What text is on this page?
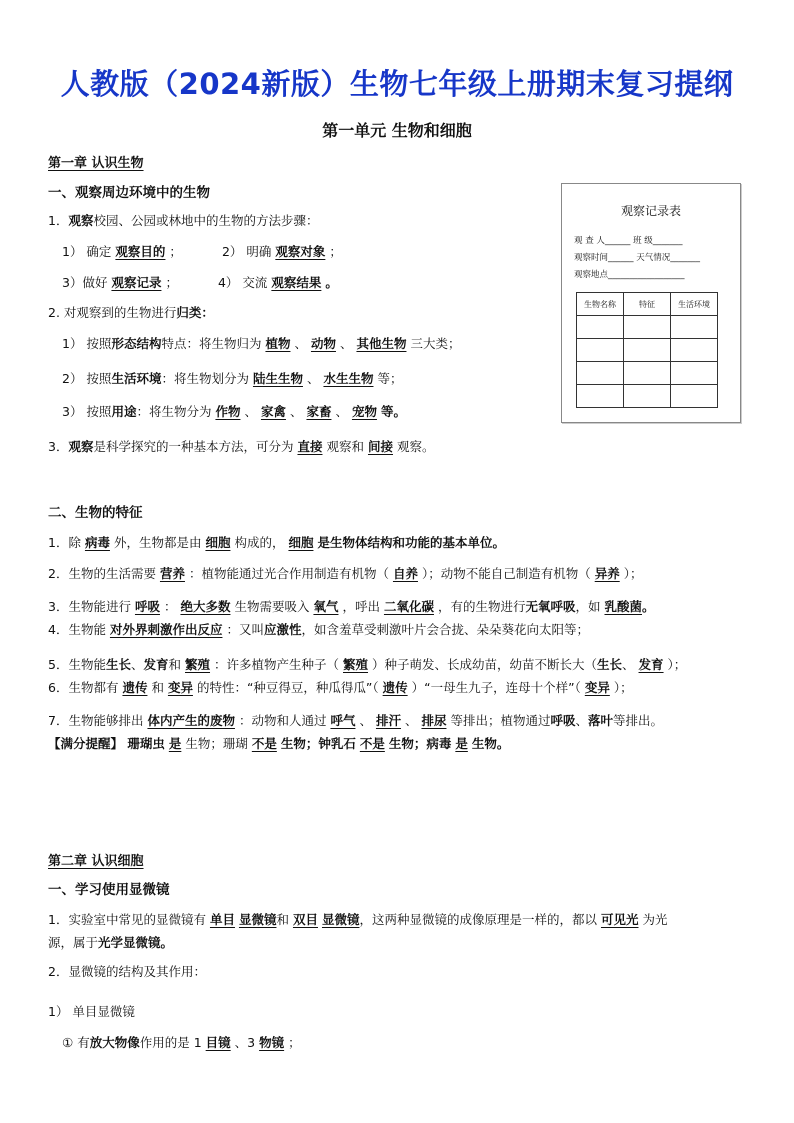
人教版（2024新版）生物七年级上册期末复习提纲
第一单元 生物和细胞
第一章 认识生物
一、观察周边环境中的生物
1．观察校园、公园或林地中的生物的方法步骤：
1） 确定 观察目的 ；	2） 明确 观察对象 ；
3）做好 观察记录 ；	4） 交流 观察结果 。
2. 对观察到的生物进行归类：
1） 按照形态结构特点：将生物归为 植物 、 动物 、 其他生物 三大类；
2） 按照生活环境：将生物划分为 陆生生物 、 水生生物 等；
3） 按照用途：将生物分为 作物 、 家禽 、 家畜 、 宠物 等。
3．观察是科学探究的一种基本方法，可分为 直接 观察和 间接 观察。
观察记录表
观 查 人______ 班 级_______
观察时间______ 天气情况_______
观察地点__________________
生物名称	特征	生活环境

二、生物的特征
1．除 病毒 外，生物都是由 细胞 构成的， 细胞 是生物体结构和功能的基本单位。
2．生物的生活需要 营养 ：植物能通过光合作用制造有机物（ 自养 ）；动物不能自己制造有机物（ 异养 ）；
3．生物能进行 呼吸 ： 绝大多数 生物需要吸入 氧气 ，呼出 二氧化碳 ，有的生物进行无氧呼吸，如 乳酸菌。
4．生物能 对外界刺激作出反应 ：又叫应激性，如含羞草受刺激叶片会合拢、朵朵葵花向太阳等；
5．生物能生长、发育和 繁殖 ：许多植物产生种子（ 繁殖 ）种子萌发、长成幼苗，幼苗不断长大（生长、 发育 ）；
6．生物都有 遗传 和 变异 的特性：“种豆得豆，种瓜得瓜”（ 遗传 ）“一母生九子，连母十个样”（ 变异 ）；
7．生物能够排出 体内产生的废物 ：动物和人通过 呼气 、 排汗 、 排尿 等排出；植物通过呼吸、落叶等排出。
【满分提醒】 珊瑚虫 是 生物；珊瑚 不是 生物；钟乳石 不是 生物；病毒 是 生物。
第二章 认识细胞
一、学习使用显微镜
1．实验室中常见的显微镜有 单目 显微镜和 双目 显微镜，这两种显微镜的成像原理是一样的，都以 可见光 为光
源，属于光学显微镜。
2．显微镜的结构及其作用：
1） 单目显微镜
① 有放大物像作用的是 1 目镜 、3 物镜 ；
